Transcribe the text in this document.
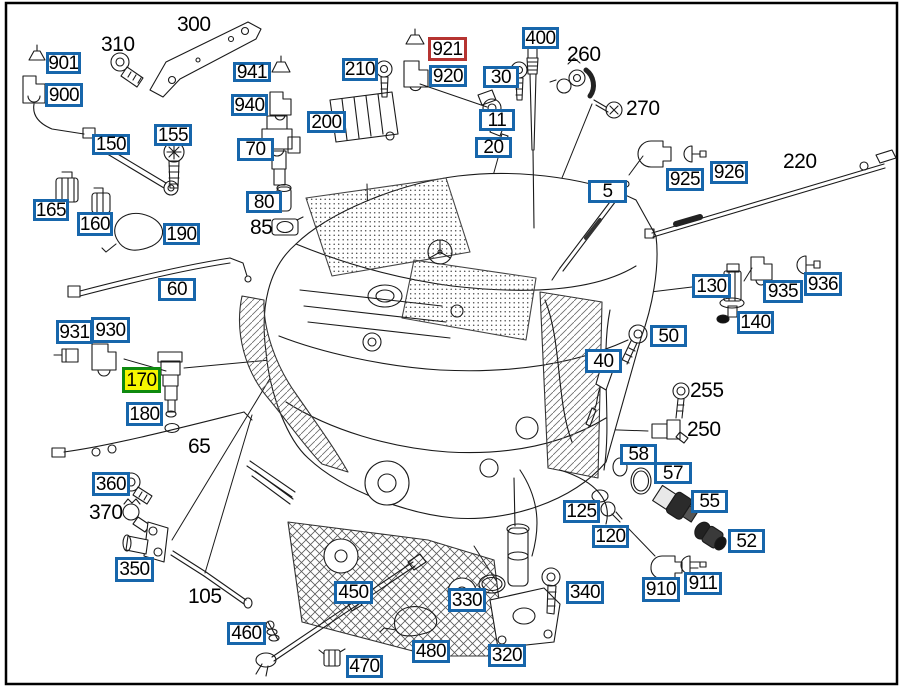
901
900
300
310
941
940
155
150	70
165
160
80
85
190
60
931 930
170
180
65
360
370
350
105
460
450
470
480 320
330	340
210
200
921
920	30
11
20
400
260
270
5
925 926 220
130 935 936
140
50
40
255
250
58
57
55
52
125
120
910 911
